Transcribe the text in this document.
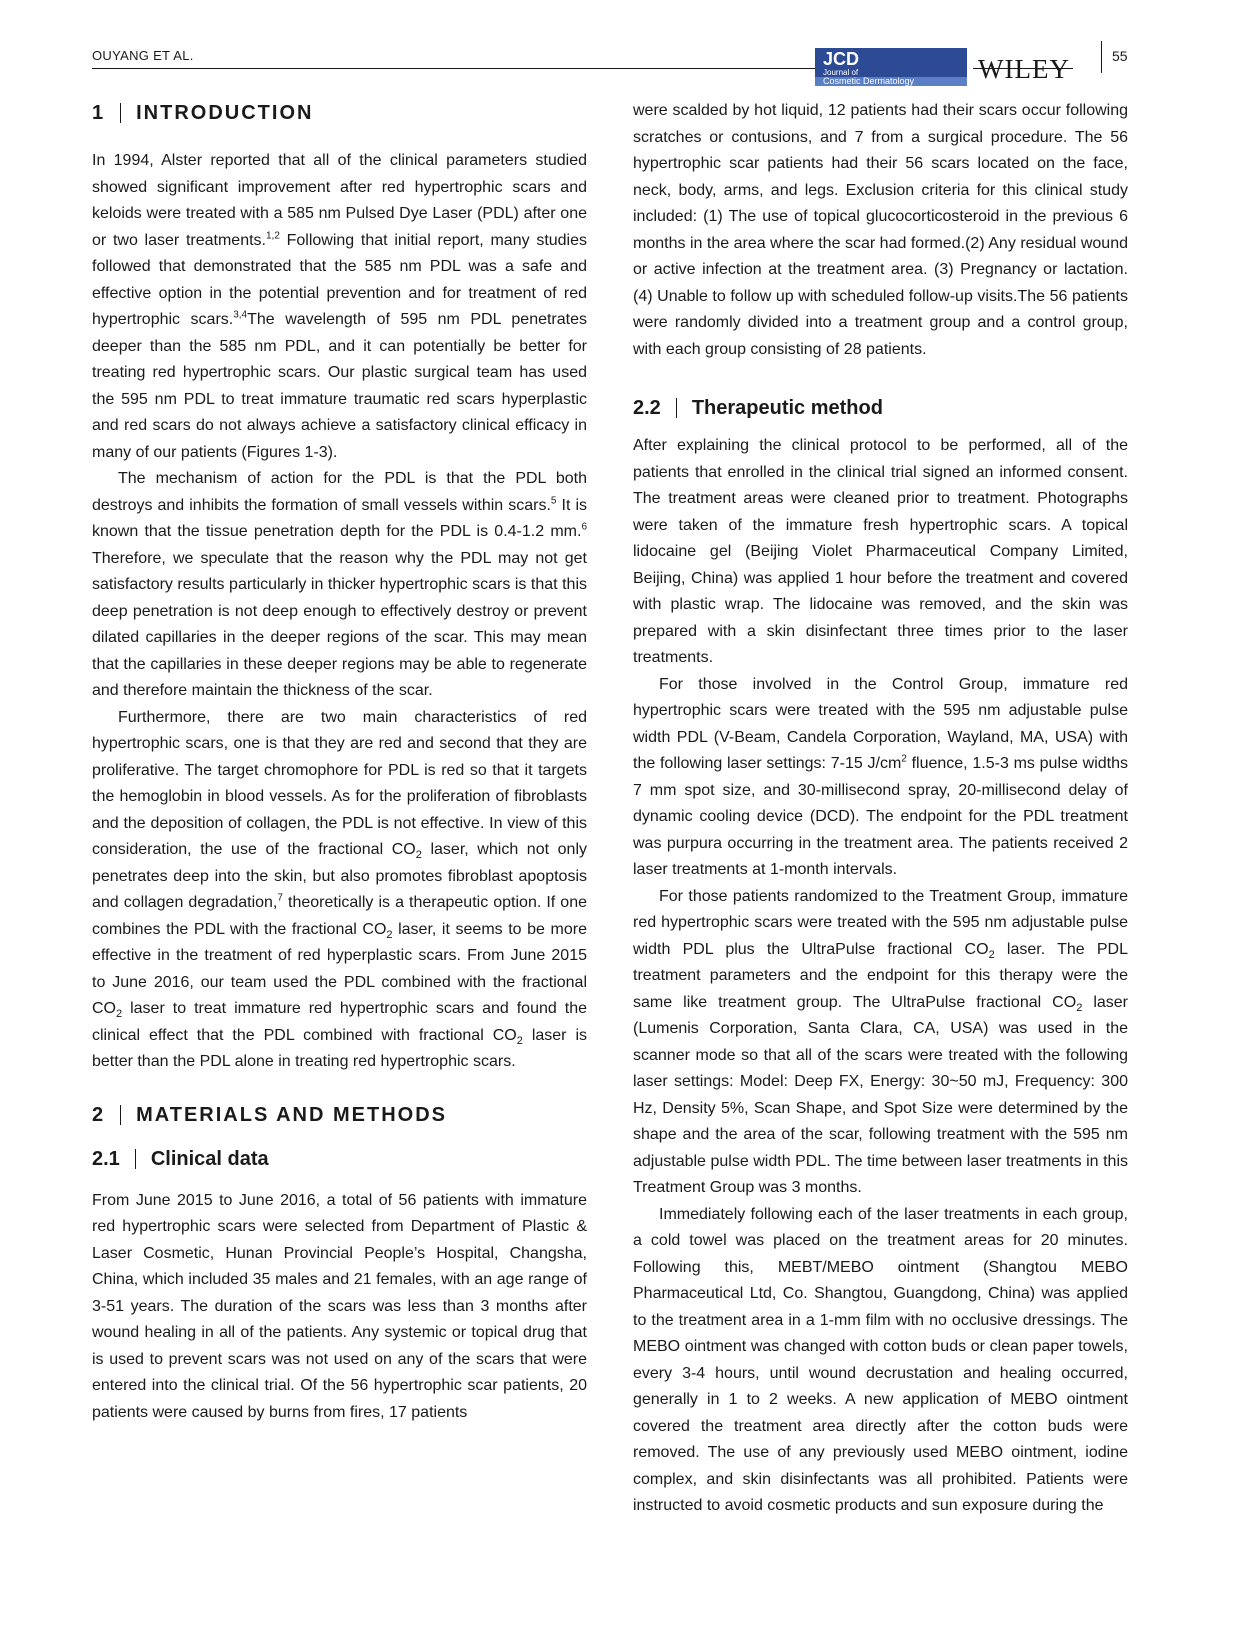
OUYANG ET AL.	JCD
Journal of
Cosmetic Dermatology	WILEY	55
1 INTRODUCTION

In 1994, Alster reported that all of the clinical parameters studied showed significant improvement after red hypertrophic scars and keloids were treated with a 585 nm Pulsed Dye Laser (PDL) after one or two laser treatments.$^{1,2}$ Following that initial report, many studies followed that demonstrated that the 585 nm PDL was a safe and effective option in the potential prevention and for treatment of red hypertrophic scars.$^{3,4}$The wavelength of 595 nm PDL penetrates deeper than the 585 nm PDL, and it can potentially be better for treating red hypertrophic scars. Our plastic surgical team has used the 595 nm PDL to treat immature traumatic red scars hyperplastic and red scars do not always achieve a satisfactory clinical efficacy in many of our patients (Figures 1-3).

The mechanism of action for the PDL is that the PDL both destroys and inhibits the formation of small vessels within scars.$^5$ It is known that the tissue penetration depth for the PDL is 0.4-1.2 mm.$^6$ Therefore, we speculate that the reason why the PDL may not get satisfactory results particularly in thicker hypertrophic scars is that this deep penetration is not deep enough to effectively destroy or prevent dilated capillaries in the deeper regions of the scar. This may mean that the capillaries in these deeper regions may be able to regenerate and therefore maintain the thickness of the scar.

Furthermore, there are two main characteristics of red hypertrophic scars, one is that they are red and second that they are proliferative. The target chromophore for PDL is red so that it targets the hemoglobin in blood vessels. As for the proliferation of fibroblasts and the deposition of collagen, the PDL is not effective. In view of this consideration, the use of the fractional $CO_2$ laser, which not only penetrates deep into the skin, but also promotes fibroblast apoptosis and collagen degradation,$^7$ theoretically is a therapeutic option. If one combines the PDL with the fractional $CO_2$ laser, it seems to be more effective in the treatment of red hyperplastic scars. From June 2015 to June 2016, our team used the PDL combined with the fractional $CO_2$ laser to treat immature red hypertrophic scars and found the clinical effect that the PDL combined with fractional $CO_2$ laser is better than the PDL alone in treating red hypertrophic scars.

2 MATERIALS AND METHODS
2.1 Clinical data

From June 2015 to June 2016, a total of 56 patients with immature red hypertrophic scars were selected from Department of Plastic & Laser Cosmetic, Hunan Provincial People’s Hospital, Changsha, China, which included 35 males and 21 females, with an age range of 3-51 years. The duration of the scars was less than 3 months after wound healing in all of the patients. Any systemic or topical drug that is used to prevent scars was not used on any of the scars that were entered into the clinical trial. Of the 56 hypertrophic scar patients, 20 patients were caused by burns from fires, 17 patients

were scalded by hot liquid, 12 patients had their scars occur following scratches or contusions, and 7 from a surgical procedure. The 56 hypertrophic scar patients had their 56 scars located on the face, neck, body, arms, and legs. Exclusion criteria for this clinical study included: (1) The use of topical glucocorticosteroid in the previous 6 months in the area where the scar had formed.(2) Any residual wound or active infection at the treatment area. (3) Pregnancy or lactation. (4) Unable to follow up with scheduled follow-up visits.The 56 patients were randomly divided into a treatment group and a control group, with each group consisting of 28 patients.

2.2 Therapeutic method

After explaining the clinical protocol to be performed, all of the patients that enrolled in the clinical trial signed an informed consent. The treatment areas were cleaned prior to treatment. Photographs were taken of the immature fresh hypertrophic scars. A topical lidocaine gel (Beijing Violet Pharmaceutical Company Limited, Beijing, China) was applied 1 hour before the treatment and covered with plastic wrap. The lidocaine was removed, and the skin was prepared with a skin disinfectant three times prior to the laser treatments.

For those involved in the Control Group, immature red hypertrophic scars were treated with the 595 nm adjustable pulse width PDL (V-Beam, Candela Corporation, Wayland, MA, USA) with the following laser settings: 7-15 $J/cm^2$ fluence, 1.5-3 ms pulse widths 7 mm spot size, and 30-millisecond spray, 20-millisecond delay of dynamic cooling device (DCD). The endpoint for the PDL treatment was purpura occurring in the treatment area. The patients received 2 laser treatments at 1-month intervals.

For those patients randomized to the Treatment Group, immature red hypertrophic scars were treated with the 595 nm adjustable pulse width PDL plus the UltraPulse fractional $CO_2$ laser. The PDL treatment parameters and the endpoint for this therapy were the same like treatment group. The UltraPulse fractional $CO_2$ laser (Lumenis Corporation, Santa Clara, CA, USA) was used in the scanner mode so that all of the scars were treated with the following laser settings: Model: Deep FX, Energy: 30~50 mJ, Frequency: 300 Hz, Density 5%, Scan Shape, and Spot Size were determined by the shape and the area of the scar, following treatment with the 595 nm adjustable pulse width PDL. The time between laser treatments in this Treatment Group was 3 months.

Immediately following each of the laser treatments in each group, a cold towel was placed on the treatment areas for 20 minutes. Following this, MEBT/MEBO ointment (Shangtou MEBO Pharmaceutical Ltd, Co. Shangtou, Guangdong, China) was applied to the treatment area in a 1-mm film with no occlusive dressings. The MEBO ointment was changed with cotton buds or clean paper towels, every 3-4 hours, until wound decrustation and healing occurred, generally in 1 to 2 weeks. A new application of MEBO ointment covered the treatment area directly after the cotton buds were removed. The use of any previously used MEBO ointment, iodine complex, and skin disinfectants was all prohibited. Patients were instructed to avoid cosmetic products and sun exposure during the
